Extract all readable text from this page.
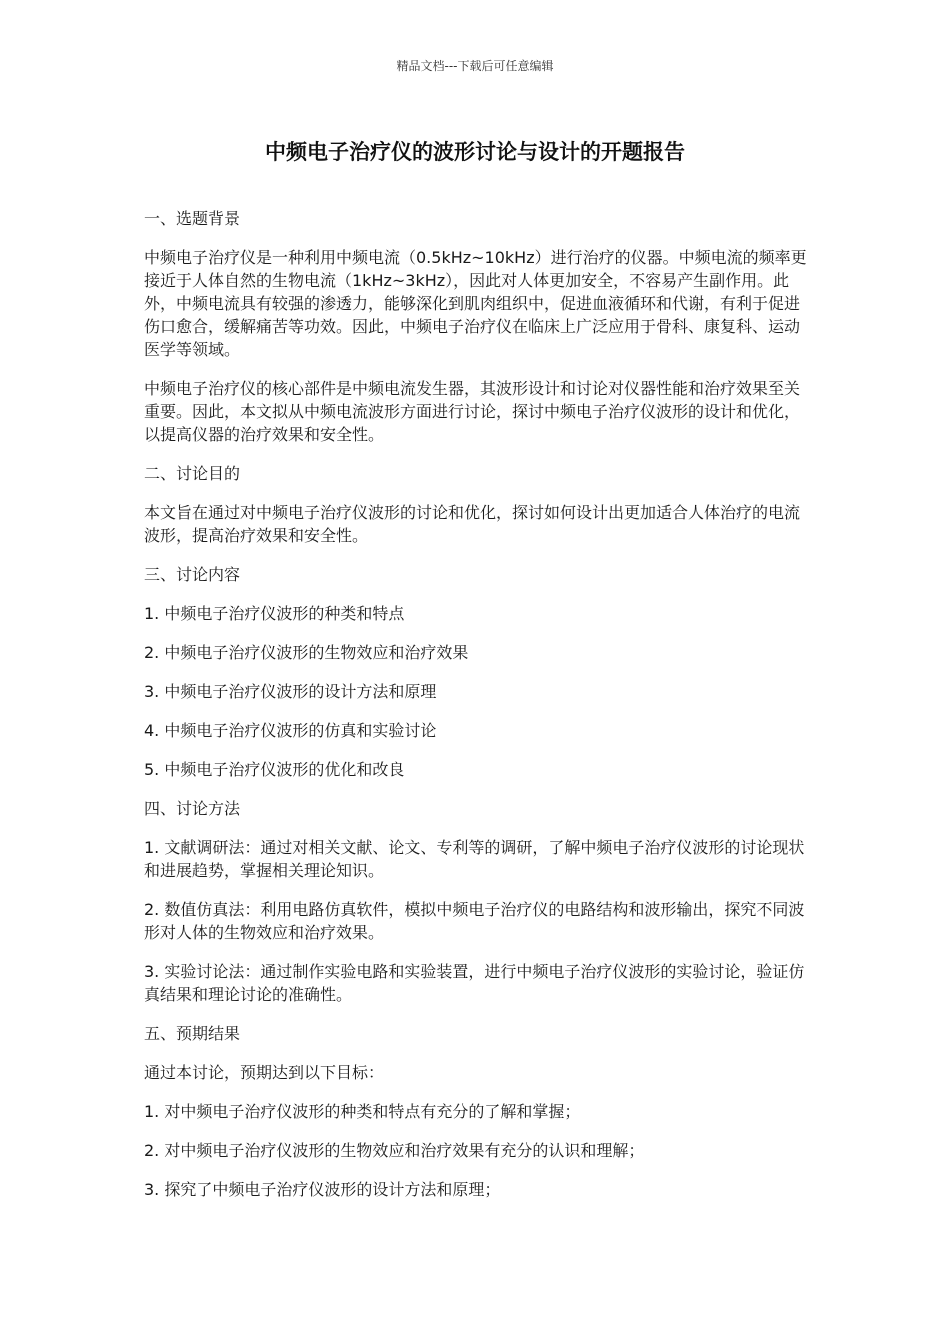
精品文档---下载后可任意编辑
中频电子治疗仪的波形讨论与设计的开题报告

一、选题背景

中频电子治疗仪是一种利用中频电流（0.5kHz~10kHz）进行治疗的仪器。中频电流的频率更接近于人体自然的生物电流（1kHz~3kHz），因此对人体更加安全，不容易产生副作用。此外，中频电流具有较强的渗透力，能够深化到肌肉组织中，促进血液循环和代谢，有利于促进伤口愈合，缓解痛苦等功效。因此，中频电子治疗仪在临床上广泛应用于骨科、康复科、运动医学等领域。

中频电子治疗仪的核心部件是中频电流发生器，其波形设计和讨论对仪器性能和治疗效果至关重要。因此，本文拟从中频电流波形方面进行讨论，探讨中频电子治疗仪波形的设计和优化，以提高仪器的治疗效果和安全性。

二、讨论目的

本文旨在通过对中频电子治疗仪波形的讨论和优化，探讨如何设计出更加适合人体治疗的电流波形，提高治疗效果和安全性。

三、讨论内容

1. 中频电子治疗仪波形的种类和特点

2. 中频电子治疗仪波形的生物效应和治疗效果

3. 中频电子治疗仪波形的设计方法和原理

4. 中频电子治疗仪波形的仿真和实验讨论

5. 中频电子治疗仪波形的优化和改良

四、讨论方法

1. 文献调研法：通过对相关文献、论文、专利等的调研，了解中频电子治疗仪波形的讨论现状和进展趋势，掌握相关理论知识。

2. 数值仿真法：利用电路仿真软件，模拟中频电子治疗仪的电路结构和波形输出，探究不同波形对人体的生物效应和治疗效果。

3. 实验讨论法：通过制作实验电路和实验装置，进行中频电子治疗仪波形的实验讨论，验证仿真结果和理论讨论的准确性。

五、预期结果

通过本讨论，预期达到以下目标：

1. 对中频电子治疗仪波形的种类和特点有充分的了解和掌握；

2. 对中频电子治疗仪波形的生物效应和治疗效果有充分的认识和理解；

3. 探究了中频电子治疗仪波形的设计方法和原理；
